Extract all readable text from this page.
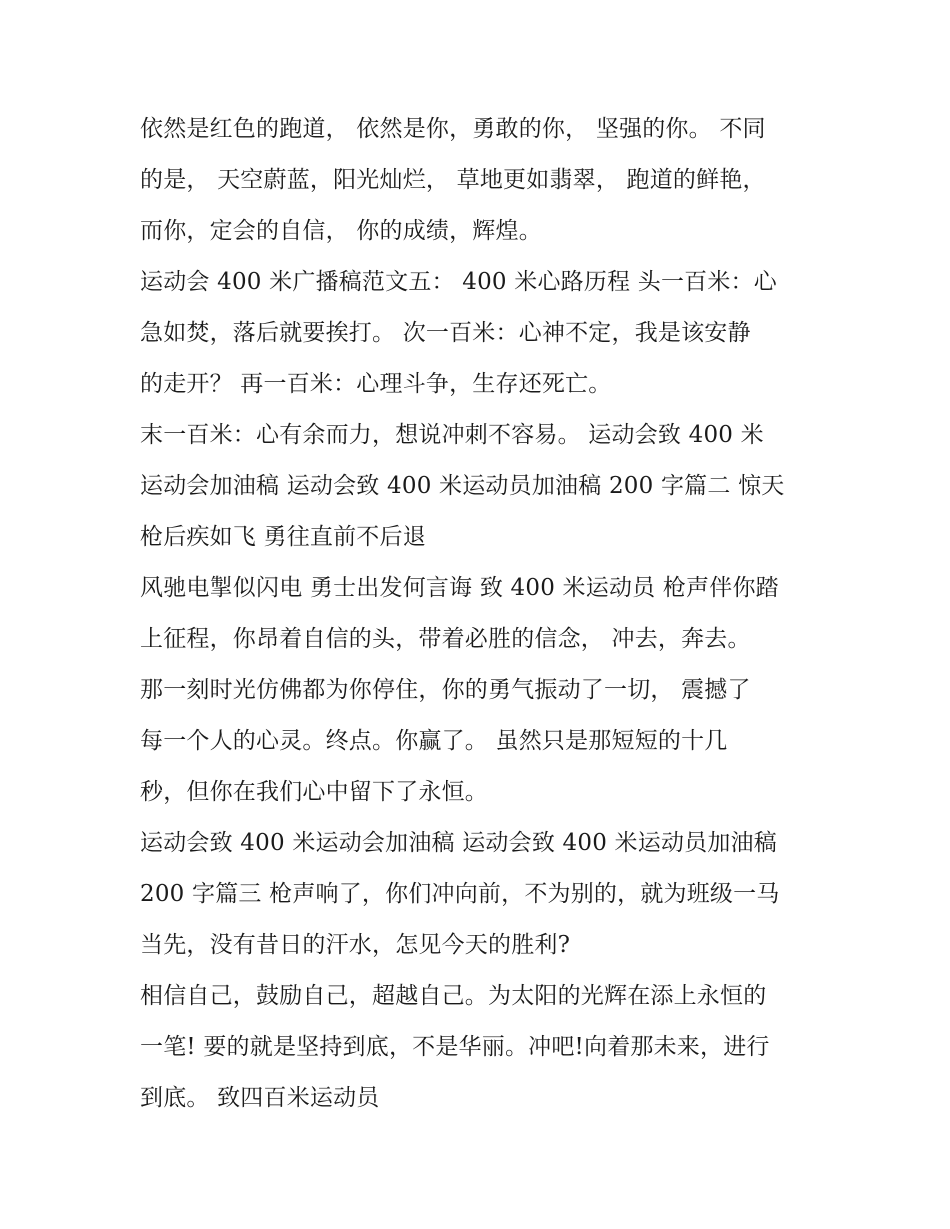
依然是红色的跑道， 依然是你，勇敢的你， 坚强的你。 不同
的是， 天空蔚蓝，阳光灿烂， 草地更如翡翠， 跑道的鲜艳，
而你，定会的自信， 你的成绩，辉煌。
运动会 400 米广播稿范文五： 400 米心路历程 头一百米：心
急如焚，落后就要挨打。 次一百米：心神不定，我是该安静
的走开？ 再一百米：心理斗争，生存还死亡。
末一百米：心有余而力，想说冲刺不容易。 运动会致 400 米
运动会加油稿 运动会致 400 米运动员加油稿 200 字篇二 惊天
枪后疾如飞 勇往直前不后退
风驰电掣似闪电 勇士出发何言诲 致 400 米运动员 枪声伴你踏
上征程，你昂着自信的头，带着必胜的信念， 冲去，奔去。
那一刻时光仿佛都为你停住，你的勇气振动了一切， 震撼了
每一个人的心灵。终点。你赢了。 虽然只是那短短的十几
秒，但你在我们心中留下了永恒。
运动会致 400 米运动会加油稿 运动会致 400 米运动员加油稿
200 字篇三 枪声响了，你们冲向前，不为别的，就为班级一马
当先，没有昔日的汗水，怎见今天的胜利?
相信自己，鼓励自己，超越自己。为太阳的光辉在添上永恒的
一笔! 要的就是坚持到底，不是华丽。冲吧!向着那未来，进行
到底。 致四百米运动员
